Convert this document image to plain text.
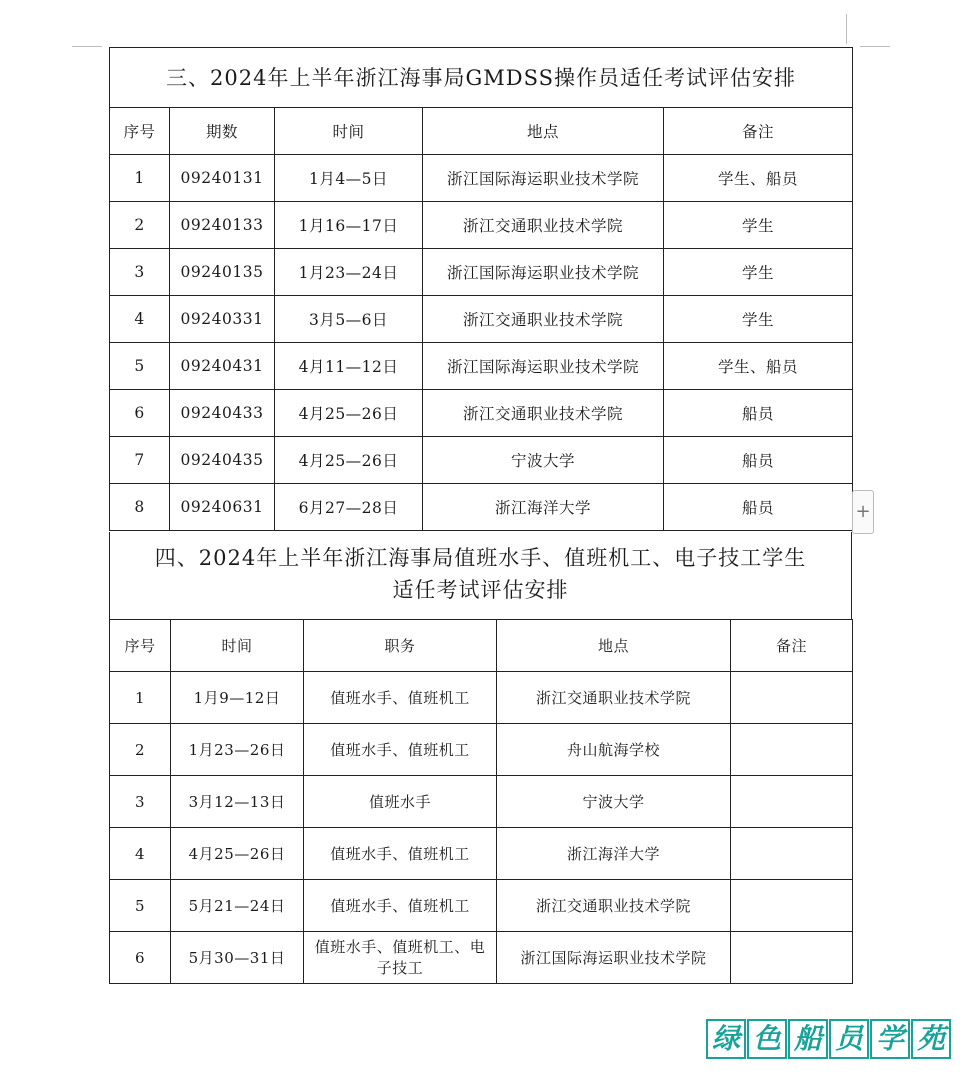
三、2024年上半年浙江海事局GMDSS操作员适任考试评估安排				
序号	期数	时间	地点	备注
1	09240131	1月4—5日	浙江国际海运职业技术学院	学生、船员
2	09240133	1月16—17日	浙江交通职业技术学院	学生
3	09240135	1月23—24日	浙江国际海运职业技术学院	学生
4	09240331	3月5—6日	浙江交通职业技术学院	学生
5	09240431	4月11—12日	浙江国际海运职业技术学院	学生、船员
6	09240433	4月25—26日	浙江交通职业技术学院	船员
7	09240435	4月25—26日	宁波大学	船员
8	09240631	6月27—28日	浙江海洋大学	船员	+
四、2024年上半年浙江海事局值班水手、值班机工、电子技工学生
适任考试评估安排
序号	时间	职务	地点	备注
1	1月9—12日	值班水手、值班机工	浙江交通职业技术学院	
2	1月23—26日	值班水手、值班机工	舟山航海学校	
3	3月12—13日	值班水手	宁波大学	
4	4月25—26日	值班水手、值班机工	浙江海洋大学	
5	5月21—24日	值班水手、值班机工	浙江交通职业技术学院	
6	5月30—31日	值班水手、值班机工、电子技工	浙江国际海运职业技术学院	
绿 色 船 员 学 苑
